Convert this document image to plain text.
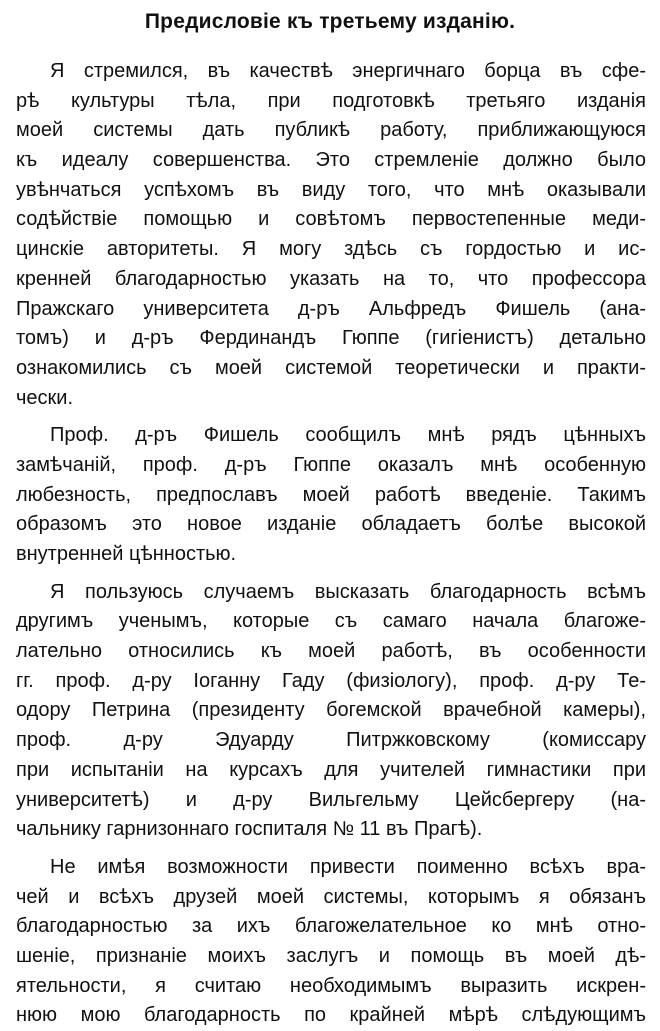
Предисловіе къ третьему изданію.
Я стремился, въ качествѣ энергичнаго борца въ сфе-
рѣ культуры тѣла, при подготовкѣ третьяго изданія
моей системы дать публикѣ работу, приближающуюся
къ идеалу совершенства. Это стремленіе должно было
увѣнчаться успѣхомъ въ виду того, что мнѣ оказывали
содѣйствіе помощью и совѣтомъ первостепенные меди-
цинскіе авторитеты. Я могу здѣсь съ гордостью и ис-
кренней благодарностью указать на то, что профессора
Пражскаго университета д-ръ Альфредъ Фишель (ана-
томъ) и д-ръ Фердинандъ Гюппе (гигіенистъ) детально
ознакомились съ моей системой теоретически и практи-
чески.
Проф. д-ръ Фишель сообщилъ мнѣ рядъ цѣнныхъ
замѣчаній, проф. д-ръ Гюппе оказалъ мнѣ особенную
любезность, предпославъ моей работѣ введеніе. Такимъ
образомъ это новое изданіе обладаетъ болѣе высокой
внутренней цѣнностью.
Я пользуюсь случаемъ высказать благодарность всѣмъ
другимъ ученымъ, которые съ самаго начала благоже-
лательно относились къ моей работѣ, въ особенности
гг. проф. д-ру Іоганну Гаду (физіологу), проф. д-ру Те-
одору Петрина (президенту богемской врачебной камеры),
проф. д-ру Эдуарду Питржковскому (комиссару
при испытаніи на курсахъ для учителей гимнастики при
университетѣ) и д-ру Вильгельму Цейсбергеру (на-
чальнику гарнизоннаго госпиталя № 11 въ Прагѣ).
Не имѣя возможности привести поименно всѣхъ вра-
чей и всѣхъ друзей моей системы, которымъ я обязанъ
благодарностью за ихъ благожелательное ко мнѣ отно-
шеніе, признаніе моихъ заслугъ и помощь въ моей дѣ-
ятельности, я считаю необходимымъ выразить искрен-
нюю мою благодарность по крайней мѣрѣ слѣдующимъ
